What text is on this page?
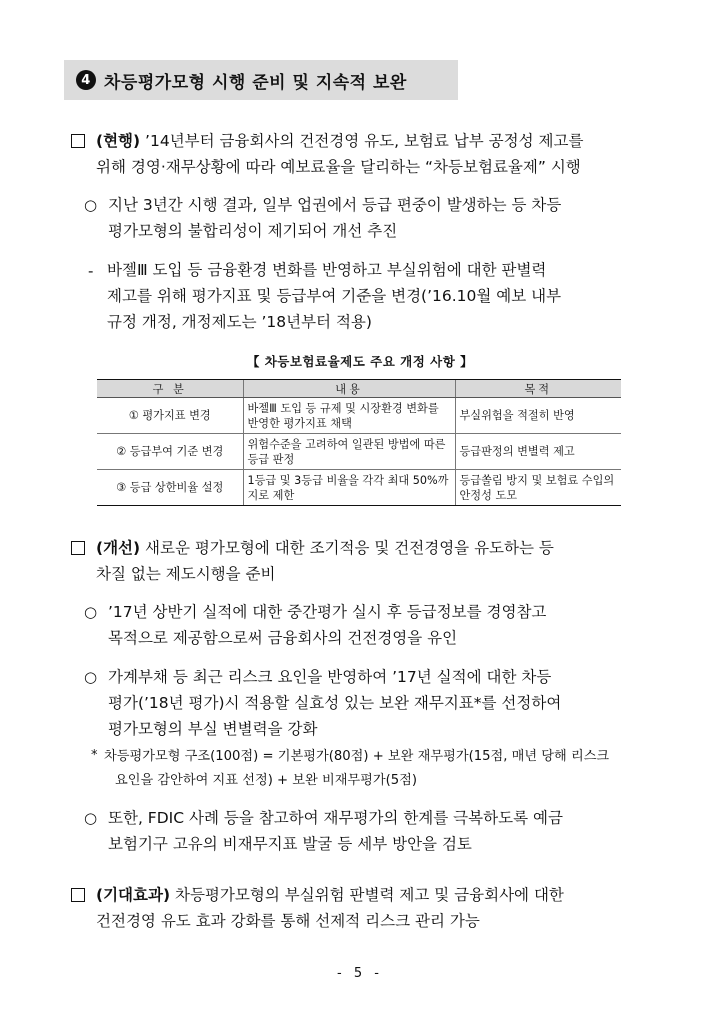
4 차등평가모형 시행 준비 및 지속적 보완
(현행) ’14년부터 금융회사의 건전경영 유도, 보험료 납부 공정성 제고를
위해 경영·재무상황에 따라 예보료율을 달리하는 “차등보험료율제” 시행
○ 지난 3년간 시행 결과, 일부 업권에서 등급 편중이 발생하는 등 차등
평가모형의 불합리성이 제기되어 개선 추진
- 바젤Ⅲ 도입 등 금융환경 변화를 반영하고 부실위험에 대한 판별력
제고를 위해 평가지표 및 등급부여 기준을 변경(’16.10월 예보 내부
규정 개정, 개정제도는 ’18년부터 적용)
【 차등보험료율제도 주요 개정 사항 】
구 분	내용	목적
① 평가지표 변경	바젤Ⅲ 도입 등 규제 및 시장환경 변화를 반영한 평가지표 채택	부실위험을 적절히 반영
② 등급부여 기준 변경	위험수준을 고려하여 일관된 방법에 따른 등급 판정	등급판정의 변별력 제고
③ 등급 상한비율 설정	1등급 및 3등급 비율을 각각 최대 50%까지로 제한	등급쏠림 방지 및 보험료 수입의 안정성 도모
(개선) 새로운 평가모형에 대한 조기적응 및 건전경영을 유도하는 등
차질 없는 제도시행을 준비
○ ’17년 상반기 실적에 대한 중간평가 실시 후 등급정보를 경영참고
목적으로 제공함으로써 금융회사의 건전경영을 유인
○ 가계부채 등 최근 리스크 요인을 반영하여 ’17년 실적에 대한 차등
평가(’18년 평가)시 적용할 실효성 있는 보완 재무지표*를 선정하여
평가모형의 부실 변별력을 강화
* 차등평가모형 구조(100점) = 기본평가(80점) + 보완 재무평가(15점, 매년 당해 리스크
요인을 감안하여 지표 선정) + 보완 비재무평가(5점)
○ 또한, FDIC 사례 등을 참고하여 재무평가의 한계를 극복하도록 예금
보험기구 고유의 비재무지표 발굴 등 세부 방안을 검토
(기대효과) 차등평가모형의 부실위험 판별력 제고 및 금융회사에 대한
건전경영 유도 효과 강화를 통해 선제적 리스크 관리 가능
- 5 -
